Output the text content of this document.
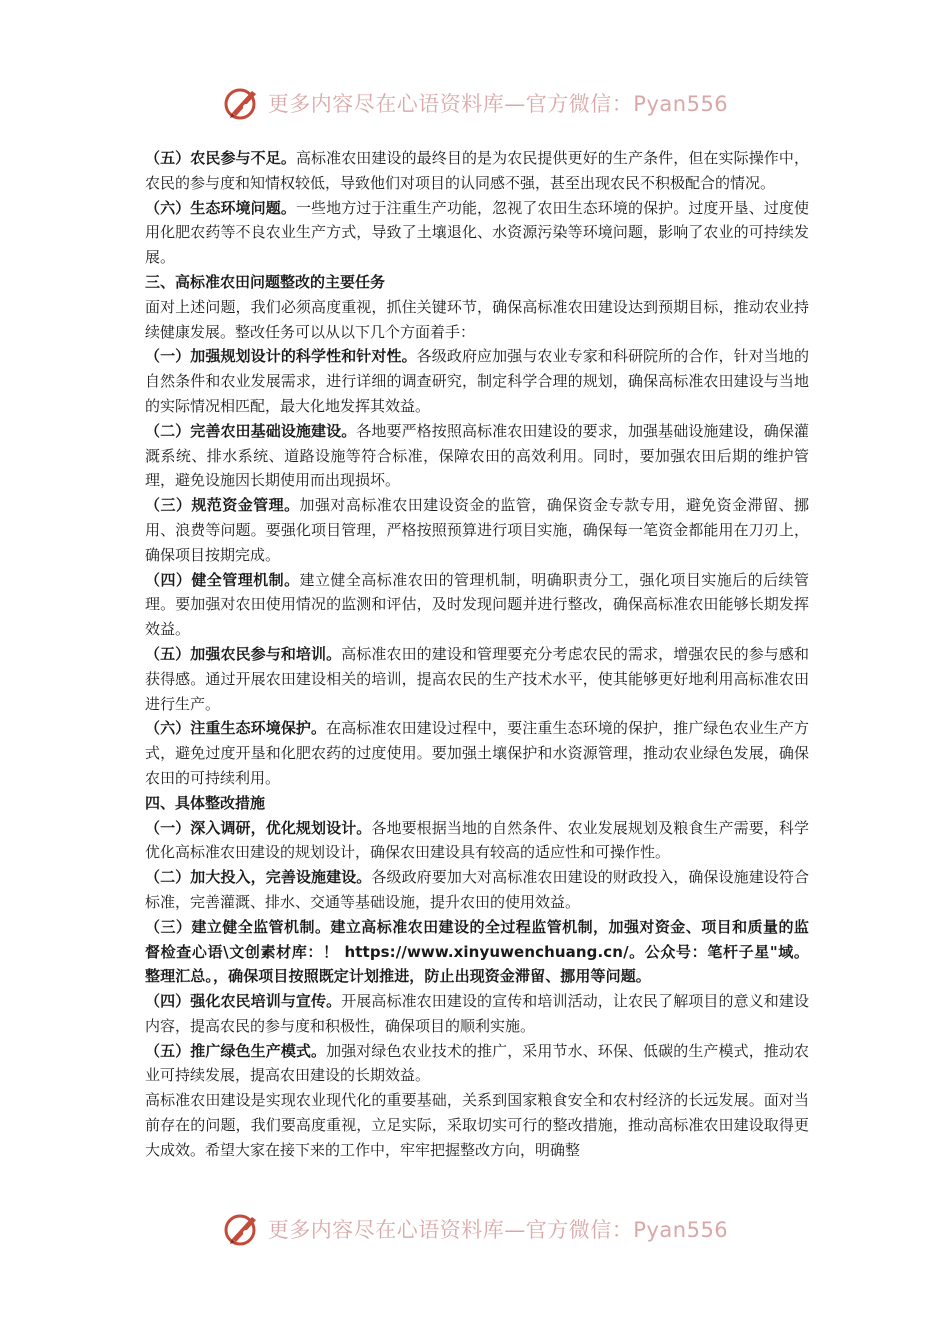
更多内容尽在心语资料库—官方微信：Pyan556

（五）农民参与不足。高标准农田建设的最终目的是为农民提供更好的生产条件，但在实际操作中，农民的参与度和知情权较低，导致他们对项目的认同感不强，甚至出现农民不积极配合的情况。

（六）生态环境问题。一些地方过于注重生产功能，忽视了农田生态环境的保护。过度开垦、过度使用化肥农药等不良农业生产方式，导致了土壤退化、水资源污染等环境问题，影响了农业的可持续发展。

三、高标准农田问题整改的主要任务

面对上述问题，我们必须高度重视，抓住关键环节，确保高标准农田建设达到预期目标，推动农业持续健康发展。整改任务可以从以下几个方面着手：

（一）加强规划设计的科学性和针对性。各级政府应加强与农业专家和科研院所的合作，针对当地的自然条件和农业发展需求，进行详细的调查研究，制定科学合理的规划，确保高标准农田建设与当地的实际情况相匹配，最大化地发挥其效益。

（二）完善农田基础设施建设。各地要严格按照高标准农田建设的要求，加强基础设施建设，确保灌溉系统、排水系统、道路设施等符合标准，保障农田的高效利用。同时，要加强农田后期的维护管理，避免设施因长期使用而出现损坏。

（三）规范资金管理。加强对高标准农田建设资金的监管，确保资金专款专用，避免资金滞留、挪用、浪费等问题。要强化项目管理，严格按照预算进行项目实施，确保每一笔资金都能用在刀刃上，确保项目按期完成。

（四）健全管理机制。建立健全高标准农田的管理机制，明确职责分工，强化项目实施后的后续管理。要加强对农田使用情况的监测和评估，及时发现问题并进行整改，确保高标准农田能够长期发挥效益。

（五）加强农民参与和培训。高标准农田的建设和管理要充分考虑农民的需求，增强农民的参与感和获得感。通过开展农田建设相关的培训，提高农民的生产技术水平，使其能够更好地利用高标准农田进行生产。

（六）注重生态环境保护。在高标准农田建设过程中，要注重生态环境的保护，推广绿色农业生产方式，避免过度开垦和化肥农药的过度使用。要加强土壤保护和水资源管理，推动农业绿色发展，确保农田的可持续利用。

四、具体整改措施

（一）深入调研，优化规划设计。各地要根据当地的自然条件、农业发展规划及粮食生产需要，科学优化高标准农田建设的规划设计，确保农田建设具有较高的适应性和可操作性。

（二）加大投入，完善设施建设。各级政府要加大对高标准农田建设的财政投入，确保设施建设符合标准，完善灌溉、排水、交通等基础设施，提升农田的使用效益。

（三）建立健全监管机制。建立高标准农田建设的全过程监管机制，加强对资金、项目和质量的监督检查心语\文创素材库：！ https://www.xinyuwenchuang.cn/。公众号：笔杆子星"域。整理汇总。，确保项目按照既定计划推进，防止出现资金滞留、挪用等问题。

（四）强化农民培训与宣传。开展高标准农田建设的宣传和培训活动，让农民了解项目的意义和建设内容，提高农民的参与度和积极性，确保项目的顺利实施。

（五）推广绿色生产模式。加强对绿色农业技术的推广，采用节水、环保、低碳的生产模式，推动农业可持续发展，提高农田建设的长期效益。

高标准农田建设是实现农业现代化的重要基础，关系到国家粮食安全和农村经济的长远发展。面对当前存在的问题，我们要高度重视，立足实际，采取切实可行的整改措施，推动高标准农田建设取得更大成效。希望大家在接下来的工作中，牢牢把握整改方向，明确整

更多内容尽在心语资料库—官方微信：Pyan556
